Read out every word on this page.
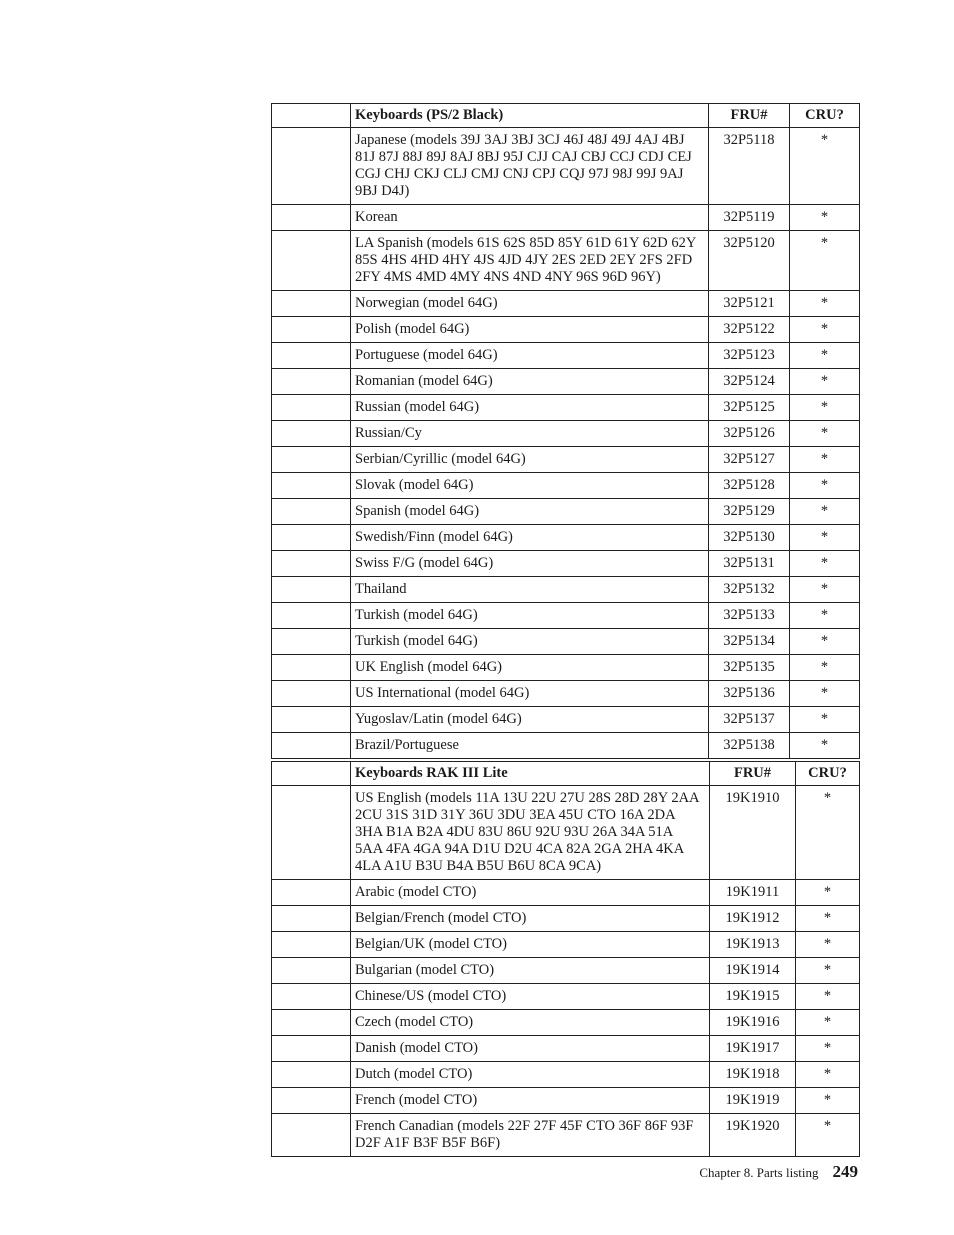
	Keyboards (PS/2 Black)	FRU#	CRU?
	Japanese (models 39J 3AJ 3BJ 3CJ 46J 48J 49J 4AJ 4BJ 81J 87J 88J 89J 8AJ 8BJ 95J CJJ CAJ CBJ CCJ CDJ CEJ CGJ CHJ CKJ CLJ CMJ CNJ CPJ CQJ 97J 98J 99J 9AJ 9BJ D4J)	32P5118	*
	Korean	32P5119	*
	LA Spanish (models 61S 62S 85D 85Y 61D 61Y 62D 62Y 85S 4HS 4HD 4HY 4JS 4JD 4JY 2ES 2ED 2EY 2FS 2FD 2FY 4MS 4MD 4MY 4NS 4ND 4NY 96S 96D 96Y)	32P5120	*
	Norwegian (model 64G)	32P5121	*
	Polish (model 64G)	32P5122	*
	Portuguese (model 64G)	32P5123	*
	Romanian (model 64G)	32P5124	*
	Russian (model 64G)	32P5125	*
	Russian/Cy	32P5126	*
	Serbian/Cyrillic (model 64G)	32P5127	*
	Slovak (model 64G)	32P5128	*
	Spanish (model 64G)	32P5129	*
	Swedish/Finn (model 64G)	32P5130	*
	Swiss F/G (model 64G)	32P5131	*
	Thailand	32P5132	*
	Turkish (model 64G)	32P5133	*
	Turkish (model 64G)	32P5134	*
	UK English (model 64G)	32P5135	*
	US International (model 64G)	32P5136	*
	Yugoslav/Latin (model 64G)	32P5137	*
	Brazil/Portuguese	32P5138	*
	Keyboards RAK III Lite	FRU#	CRU?
	US English (models 11A 13U 22U 27U 28S 28D 28Y 2AA 2CU 31S 31D 31Y 36U 3DU 3EA 45U CTO 16A 2DA 3HA B1A B2A 4DU 83U 86U 92U 93U 26A 34A 51A 5AA 4FA 4GA 94A D1U D2U 4CA 82A 2GA 2HA 4KA 4LA A1U B3U B4A B5U B6U 8CA 9CA)	19K1910	*
	Arabic (model CTO)	19K1911	*
	Belgian/French (model CTO)	19K1912	*
	Belgian/UK (model CTO)	19K1913	*
	Bulgarian (model CTO)	19K1914	*
	Chinese/US (model CTO)	19K1915	*
	Czech (model CTO)	19K1916	*
	Danish (model CTO)	19K1917	*
	Dutch (model CTO)	19K1918	*
	French (model CTO)	19K1919	*
	French Canadian (models 22F 27F 45F CTO 36F 86F 93F D2F A1F B3F B5F B6F)	19K1920	*
Chapter 8. Parts listing 249
